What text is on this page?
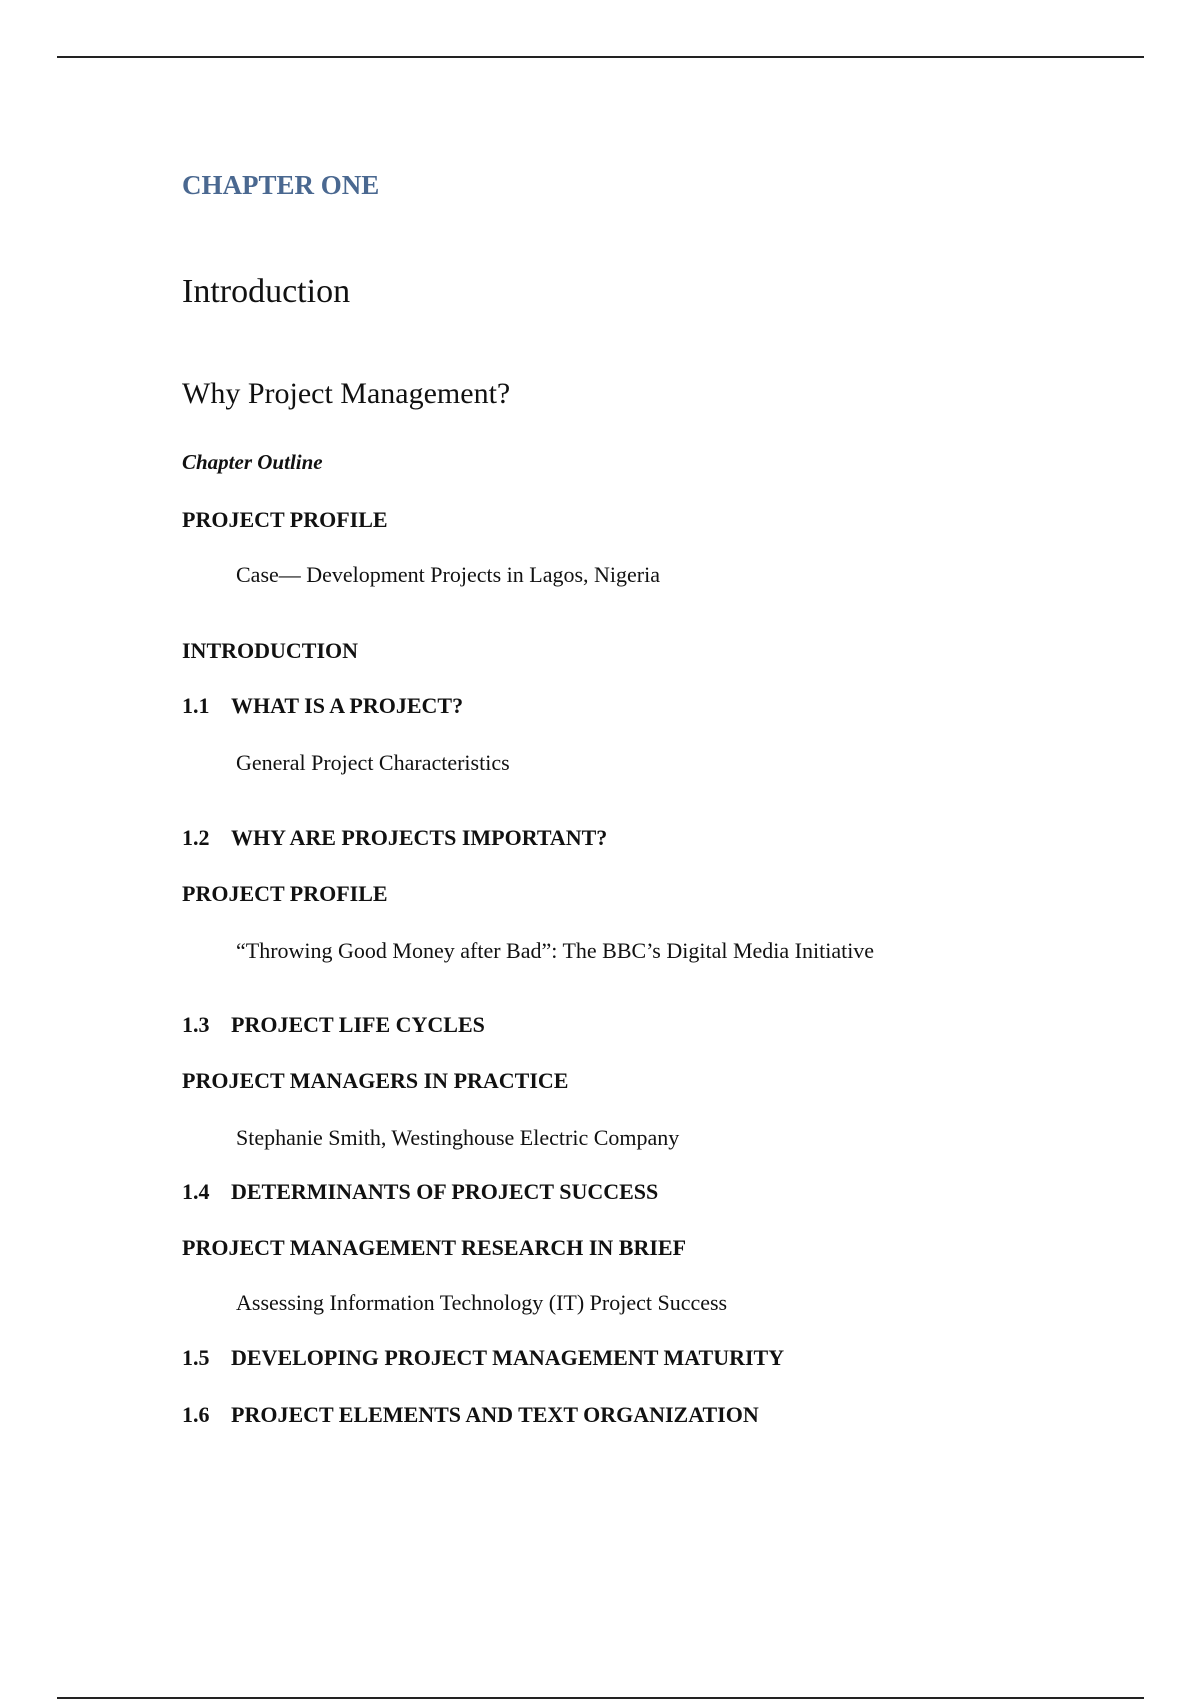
CHAPTER ONE
Introduction
Why Project Management?
Chapter Outline
PROJECT PROFILE
Case— Development Projects in Lagos, Nigeria
INTRODUCTION
1.1 WHAT IS A PROJECT?
General Project Characteristics
1.2 WHY ARE PROJECTS IMPORTANT?
PROJECT PROFILE
“Throwing Good Money after Bad”: The BBC’s Digital Media Initiative
1.3 PROJECT LIFE CYCLES
PROJECT MANAGERS IN PRACTICE
Stephanie Smith, Westinghouse Electric Company
1.4 DETERMINANTS OF PROJECT SUCCESS
PROJECT MANAGEMENT RESEARCH IN BRIEF
Assessing Information Technology (IT) Project Success
1.5 DEVELOPING PROJECT MANAGEMENT MATURITY
1.6 PROJECT ELEMENTS AND TEXT ORGANIZATION
